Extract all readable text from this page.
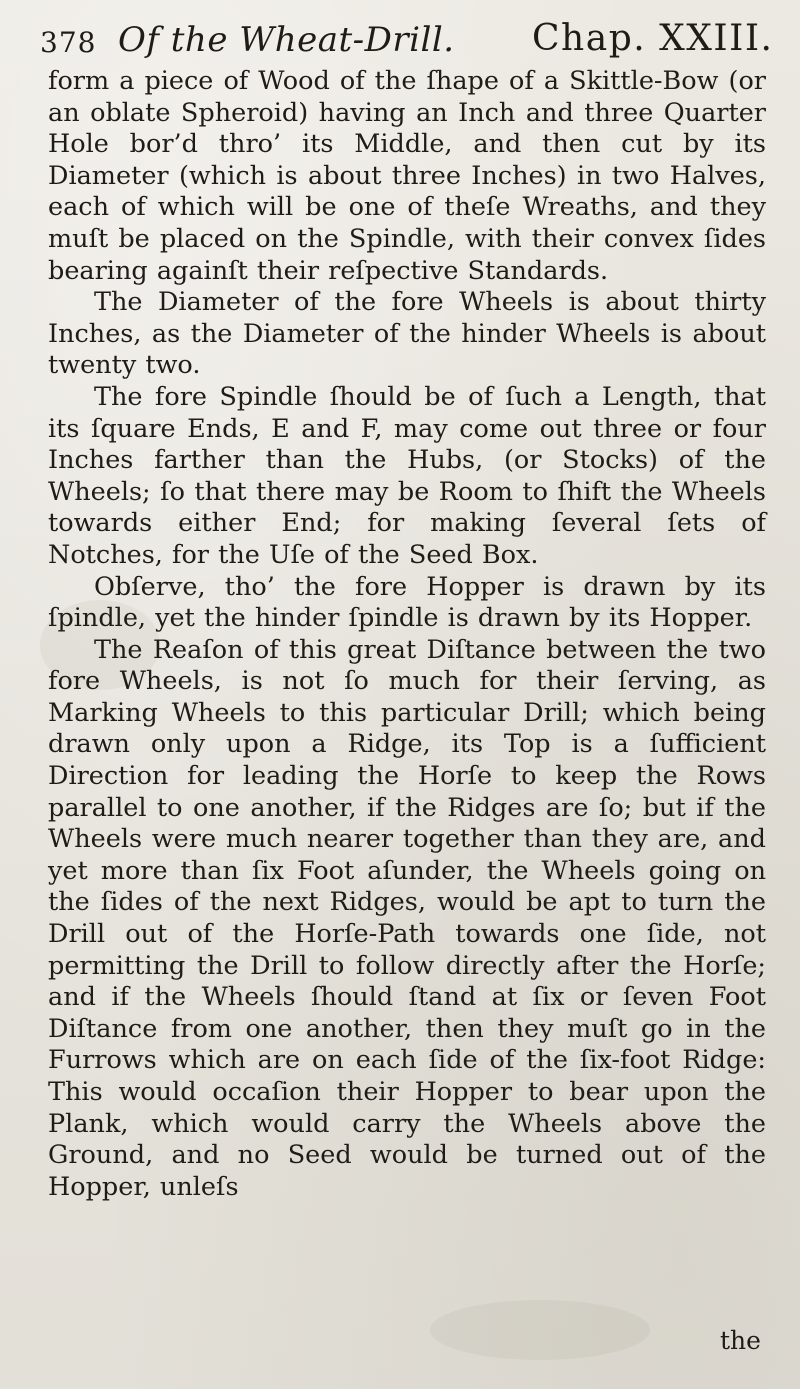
378 Of the Wheat-Drill. Chap. XXIII.

form a piece of Wood of the ſhape of a Skittle-Bow (or an oblate Spheroid) having an Inch and three Quarter Hole bor’d thro’ its Middle, and then cut by its Diameter (which is about three Inches) in two Halves, each of which will be one of theſe Wreaths, and they muſt be placed on the Spindle, with their convex ſides bearing againſt their reſpective Standards.

The Diameter of the fore Wheels is about thirty Inches, as the Diameter of the hinder Wheels is about twenty two.

The fore Spindle ſhould be of ſuch a Length, that its ſquare Ends, E and F, may come out three or four Inches farther than the Hubs, (or Stocks) of the Wheels; ſo that there may be Room to ſhift the Wheels towards either End; for making ſeveral ſets of Notches, for the Uſe of the Seed Box.

Obſerve, tho’ the fore Hopper is drawn by its ſpindle, yet the hinder ſpindle is drawn by its Hopper.

The Reaſon of this great Diſtance between the two fore Wheels, is not ſo much for their ſerving, as Marking Wheels to this particular Drill; which being drawn only upon a Ridge, its Top is a ſufficient Direction for leading the Horſe to keep the Rows parallel to one another, if the Ridges are ſo; but if the Wheels were much nearer together than they are, and yet more than ſix Foot aſunder, the Wheels going on the ſides of the next Ridges, would be apt to turn the Drill out of the Horſe-Path towards one ſide, not permitting the Drill to follow directly after the Horſe; and if the Wheels ſhould ſtand at ſix or ſeven Foot Diſtance from one another, then they muſt go in the Furrows which are on each ſide of the ſix-foot Ridge: This would occaſion their Hopper to bear upon the Plank, which would carry the Wheels above the Ground, and no Seed would be turned out of the Hopper, unleſs

the
